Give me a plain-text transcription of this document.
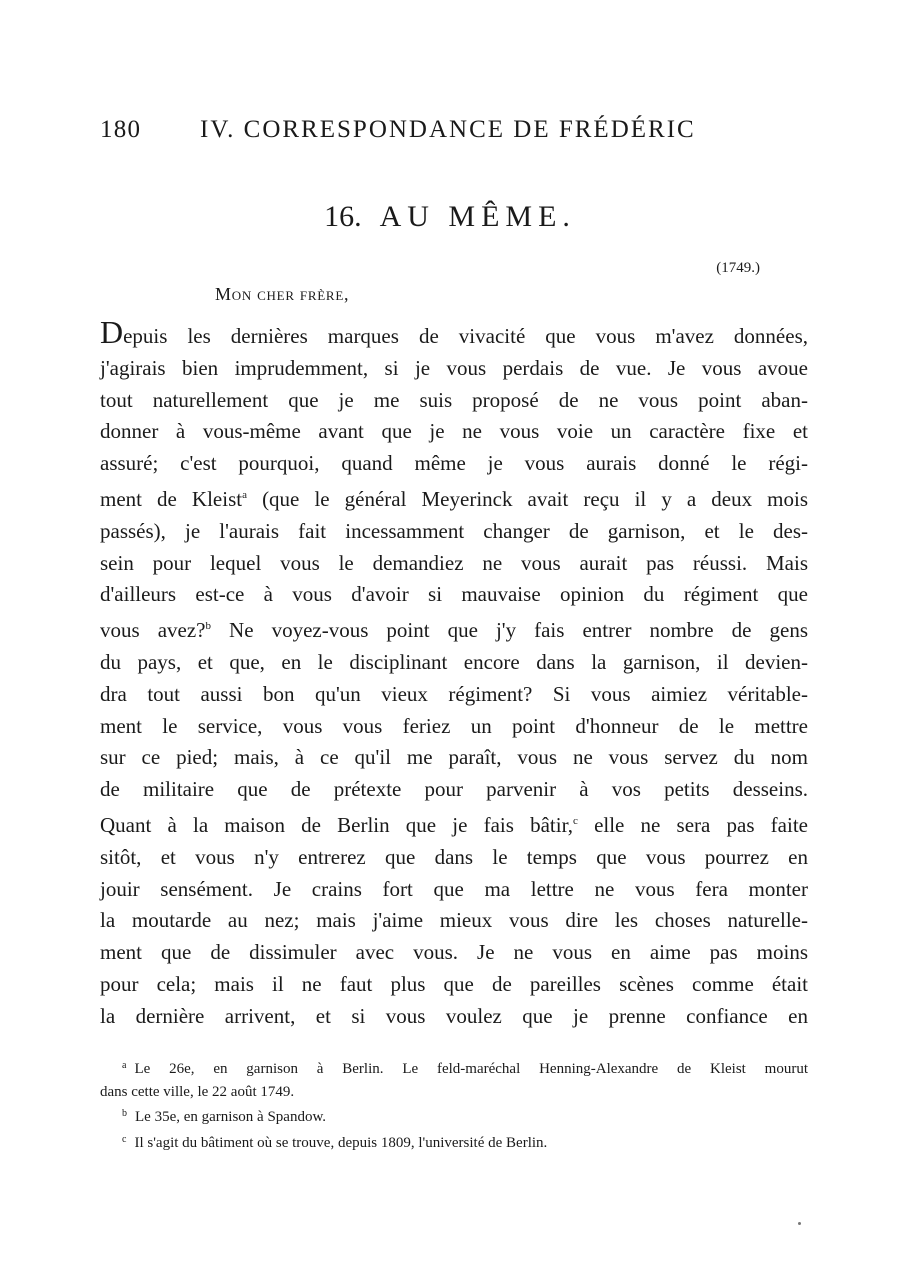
180 IV. CORRESPONDANCE DE FRÉDÉRIC
16. AU MÊME.
(1749.)
Mon cher frère,
Depuis les dernières marques de vivacité que vous m'avez données,
j'agirais bien imprudemment, si je vous perdais de vue. Je vous avoue
tout naturellement que je me suis proposé de ne vous point aban-
donner à vous-même avant que je ne vous voie un caractère fixe et
assuré; c'est pourquoi, quand même je vous aurais donné le régi-
ment de Kleist$^a$ (que le général Meyerinck avait reçu il y a deux mois
passés), je l'aurais fait incessamment changer de garnison, et le des-
sein pour lequel vous le demandiez ne vous aurait pas réussi. Mais
d'ailleurs est-ce à vous d'avoir si mauvaise opinion du régiment que
vous avez?$^b$ Ne voyez-vous point que j'y fais entrer nombre de gens
du pays, et que, en le disciplinant encore dans la garnison, il devien-
dra tout aussi bon qu'un vieux régiment? Si vous aimiez véritable-
ment le service, vous vous feriez un point d'honneur de le mettre
sur ce pied; mais, à ce qu'il me paraît, vous ne vous servez du nom
de militaire que de prétexte pour parvenir à vos petits desseins.
Quant à la maison de Berlin que je fais bâtir,$^c$ elle ne sera pas faite
sitôt, et vous n'y entrerez que dans le temps que vous pourrez en
jouir sensément. Je crains fort que ma lettre ne vous fera monter
la moutarde au nez; mais j'aime mieux vous dire les choses naturelle-
ment que de dissimuler avec vous. Je ne vous en aime pas moins
pour cela; mais il ne faut plus que de pareilles scènes comme était
la dernière arrivent, et si vous voulez que je prenne confiance en
$^a$ Le 26e, en garnison à Berlin. Le feld-maréchal Henning-Alexandre de Kleist mourut
dans cette ville, le 22 août 1749.
$^b$ Le 35e, en garnison à Spandow.
$^c$ Il s'agit du bâtiment où se trouve, depuis 1809, l'université de Berlin.
